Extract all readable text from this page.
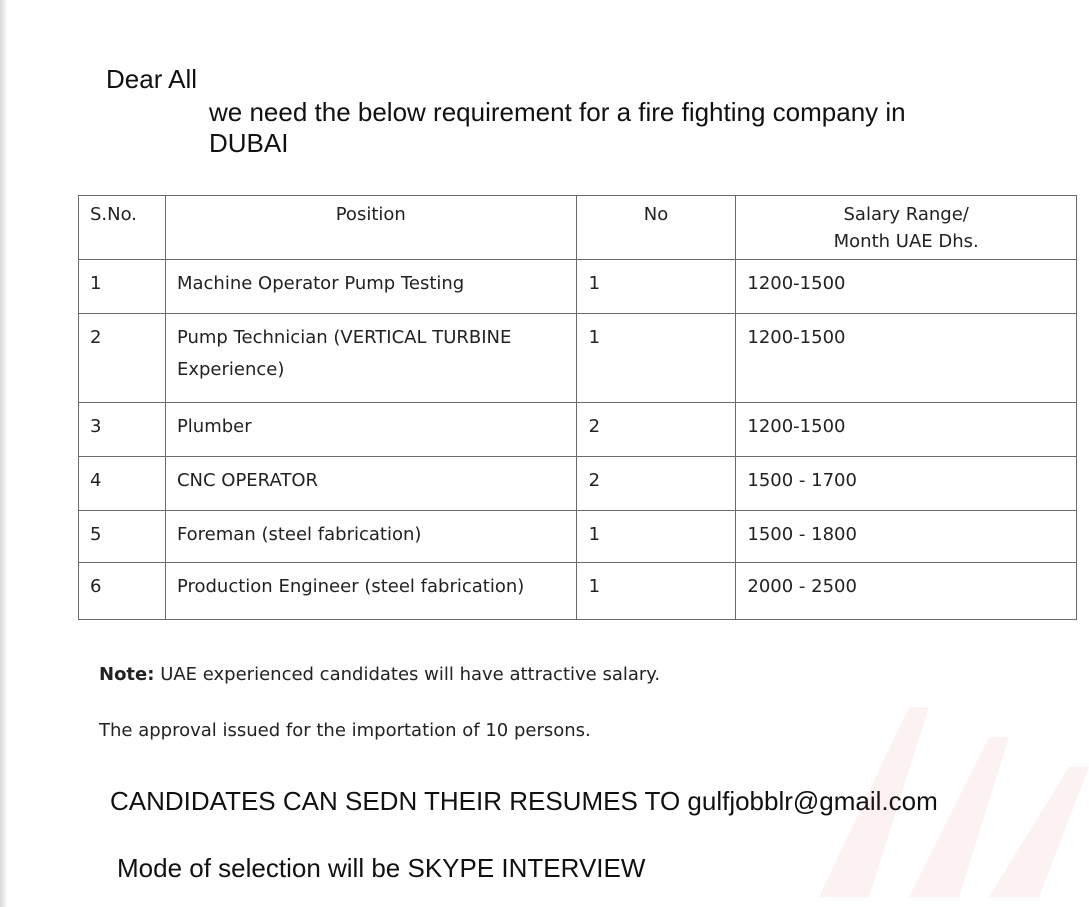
Dear All
we need the below requirement for a fire fighting company in DUBAI
S.No.	Position	No	Salary Range/
Month UAE Dhs.

1	Machine Operator Pump Testing	1	1200-1500
2	Pump Technician (VERTICAL TURBINE Experience)	1	1200-1500
3	Plumber	2	1200-1500
4	CNC OPERATOR	2	1500 - 1700
5	Foreman (steel fabrication)	1	1500 - 1800
6	Production Engineer (steel fabrication)	1	2000 - 2500
Note: UAE experienced candidates will have attractive salary.
The approval issued for the importation of 10 persons.
CANDIDATES CAN SEDN THEIR RESUMES TO gulfjobblr@gmail.com
Mode of selection will be SKYPE INTERVIEW
